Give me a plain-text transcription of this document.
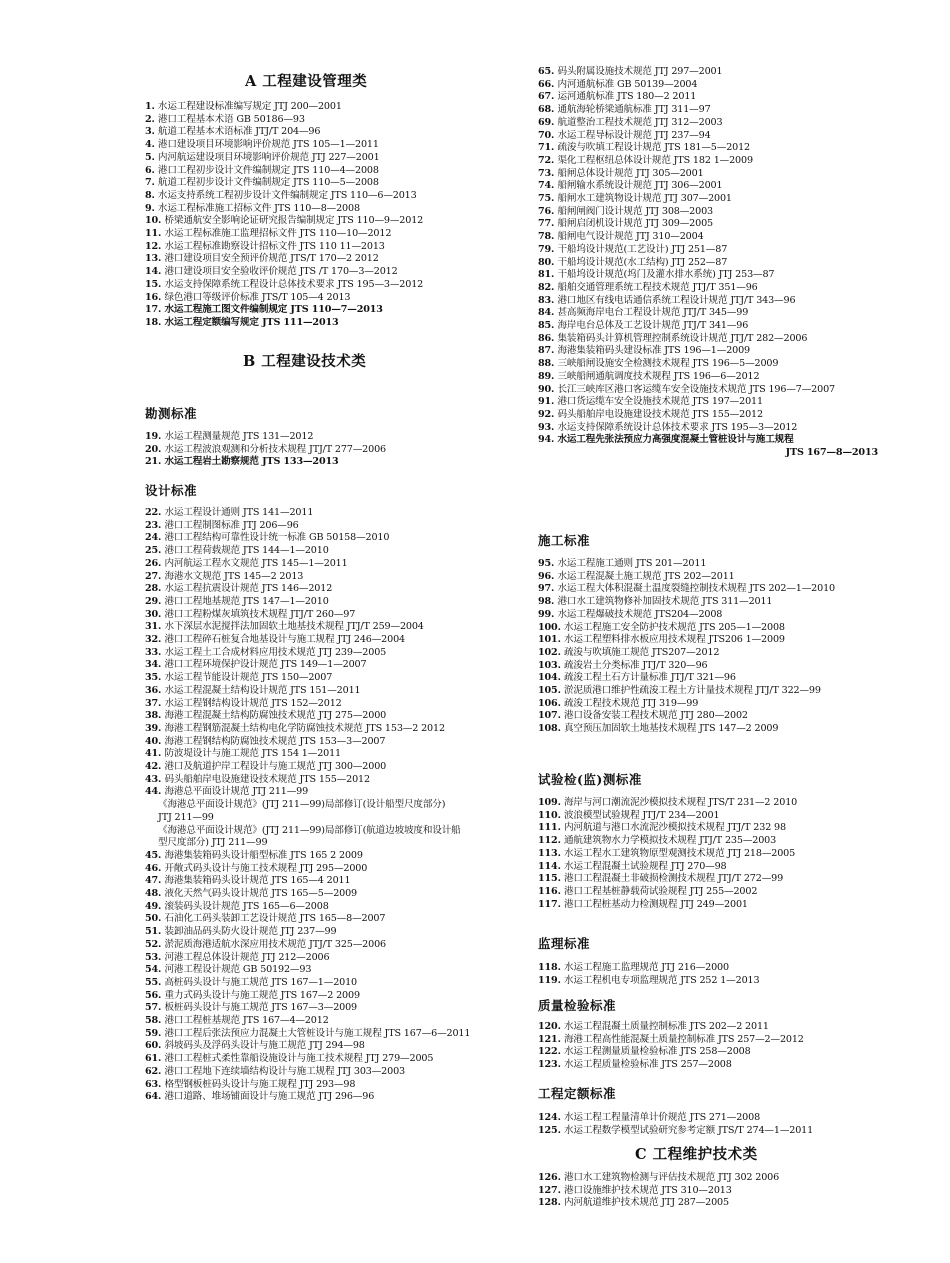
A 工程建设管理类
1. 水运工程建设标准编写规定 JTJ 200—2001
2. 港口工程基本术语 GB 50186—93
3. 航道工程基本术语标准 JTJ/T 204—96
4. 港口建设项目环境影响评价规范 JTS 105—1—2011
5. 内河航运建设项目环境影响评价规范 JTJ 227—2001
6. 港口工程初步设计文件编制规定 JTS 110—4—2008
7. 航道工程初步设计文件编制规定 JTS 110—5—2008
8. 水运支持系统工程初步设计文件编制规定 JTS 110—6—2013
9. 水运工程标准施工招标文件 JTS 110—8—2008
10. 桥梁通航安全影响论证研究报告编制规定 JTS 110—9—2012
11. 水运工程标准施工监理招标文件 JTS 110—10—2012
12. 水运工程标准勘察设计招标文件 JTS 110 11—2013
13. 港口建设项目安全预评价规范 JTS/T 170—2 2012
14. 港口建设项目安全验收评价规范 JTS /T 170—3—2012
15. 水运支持保障系统工程设计总体技术要求 JTS 195—3—2012
16. 绿色港口等级评价标准 JTS/T 105—4 2013
17. 水运工程施工图文件编制规定 JTS 110—7—2013
18. 水运工程定额编写规定 JTS 111—2013
B 工程建设技术类
勘测标准
19. 水运工程测量规范 JTS 131—2012
20. 水运工程波浪观测和分析技术规程 JTJ/T 277—2006
21. 水运工程岩土勘察规范 JTS 133—2013
设计标准
22. 水运工程设计通则 JTS 141—2011
23. 港口工程制图标准 JTJ 206—96
24. 港口工程结构可靠性设计统一标准 GB 50158—2010
25. 港口工程荷载规范 JTS 144—1—2010
26. 内河航运工程水文规范 JTS 145—1—2011
27. 海港水文规范 JTS 145—2 2013
28. 水运工程抗震设计规范 JTS 146—2012
29. 港口工程地基规范 JTS 147—1—2010
30. 港口工程粉煤灰填筑技术规程 JTJ/T 260—97
31. 水下深层水泥搅拌法加固软土地基技术规程 JTJ/T 259—2004
32. 港口工程碎石桩复合地基设计与施工规程 JTJ 246—2004
33. 水运工程土工合成材料应用技术规范 JTJ 239—2005
34. 港口工程环境保护设计规范 JTS 149—1—2007
35. 水运工程节能设计规范 JTS 150—2007
36. 水运工程混凝土结构设计规范 JTS 151—2011
37. 水运工程钢结构设计规范 JTS 152—2012
38. 海港工程混凝土结构防腐蚀技术规范 JTJ 275—2000
39. 海港工程钢筋混凝土结构电化学防腐蚀技术规范 JTS 153—2 2012
40. 海港工程钢结构防腐蚀技术规范 JTS 153—3—2007
41. 防波堤设计与施工规范 JTS 154 1—2011
42. 港口及航道护岸工程设计与施工规范 JTJ 300—2000
43. 码头船舶岸电设施建设技术规范 JTS 155—2012
44. 海港总平面设计规范 JTJ 211—99
《海港总平面设计规范》(JTJ 211—99)局部修订(设计船型尺度部分)
JTJ 211—99
《海港总平面设计规范》(JTJ 211—99)局部修订(航道边坡坡度和设计船
型尺度部分) JTJ 211—99
45. 海港集装箱码头设计船型标准 JTS 165 2 2009
46. 开敞式码头设计与施工技术规程 JTJ 295—2000
47. 海港集装箱码头设计规范 JTS 165—4 2011
48. 液化天然气码头设计规范 JTS 165—5—2009
49. 滚装码头设计规范 JTS 165—6—2008
50. 石油化工码头装卸工艺设计规范 JTS 165—8—2007
51. 装卸油品码头防火设计规范 JTJ 237—99
52. 淤泥质海港适航水深应用技术规范 JTJ/T 325—2006
53. 河港工程总体设计规范 JTJ 212—2006
54. 河港工程设计规范 GB 50192—93
55. 高桩码头设计与施工规范 JTS 167—1—2010
56. 重力式码头设计与施工规范 JTS 167—2 2009
57. 板桩码头设计与施工规范 JTS 167—3—2009
58. 港口工程桩基规范 JTS 167—4—2012
59. 港口工程后张法预应力混凝土大管桩设计与施工规程 JTS 167—6—2011
60. 斜坡码头及浮码头设计与施工规范 JTJ 294—98
61. 港口工程桩式柔性靠船设施设计与施工技术规程 JTJ 279—2005
62. 港口工程地下连续墙结构设计与施工规程 JTJ 303—2003
63. 格型钢板桩码头设计与施工规程 JTJ 293—98
64. 港口道路、堆场铺面设计与施工规范 JTJ 296—96
65. 码头附属设施技术规范 JTJ 297—2001
66. 内河通航标准 GB 50139—2004
67. 运河通航标准 JTS 180—2 2011
68. 通航海轮桥梁通航标准 JTJ 311—97
69. 航道整治工程技术规范 JTJ 312—2003
70. 水运工程导标设计规范 JTJ 237—94
71. 疏浚与吹填工程设计规范 JTS 181—5—2012
72. 渠化工程枢纽总体设计规范 JTS 182 1—2009
73. 船闸总体设计规范 JTJ 305—2001
74. 船闸输水系统设计规范 JTJ 306—2001
75. 船闸水工建筑物设计规范 JTJ 307—2001
76. 船闸闸阀门设计规范 JTJ 308—2003
77. 船闸启闭机设计规范 JTJ 309—2005
78. 船闸电气设计规范 JTJ 310—2004
79. 干船坞设计规范(工艺设计) JTJ 251—87
80. 干船坞设计规范(水工结构) JTJ 252—87
81. 干船坞设计规范(坞门及灌水排水系统) JTJ 253—87
82. 船舶交通管理系统工程技术规范 JTJ/T 351—96
83. 港口地区有线电话通信系统工程设计规范 JTJ/T 343—96
84. 甚高频海岸电台工程设计规范 JTJ/T 345—99
85. 海岸电台总体及工艺设计规范 JTJ/T 341—96
86. 集装箱码头计算机管理控制系统设计规范 JTJ/T 282—2006
87. 海港集装箱码头建设标准 JTS 196—1—2009
88. 三峡船闸设施安全检测技术规程 JTS 196—5—2009
89. 三峡船闸通航调度技术规程 JTS 196—6—2012
90. 长江三峡库区港口客运缆车安全设施技术规范 JTS 196—7—2007
91. 港口货运缆车安全设施技术规范 JTS 197—2011
92. 码头船舶岸电设施建设技术规范 JTS 155—2012
93. 水运支持保障系统设计总体技术要求 JTS 195—3—2012
94. 水运工程先张法预应力高强度混凝土管桩设计与施工规程
JTS 167—8—2013
施工标准
95. 水运工程施工通则 JTS 201—2011
96. 水运工程混凝土施工规范 JTS 202—2011
97. 水运工程大体积混凝土温度裂缝控制技术规程 JTS 202—1—2010
98. 港口水工建筑物修补加固技术规范 JTS 311—2011
99. 水运工程爆破技术规范 JTS204—2008
100. 水运工程施工安全防护技术规范 JTS 205—1—2008
101. 水运工程塑料排水板应用技术规程 JTS206 1—2009
102. 疏浚与吹填施工规范 JTS207—2012
103. 疏浚岩土分类标准 JTJ/T 320—96
104. 疏浚工程土石方计量标准 JTJ/T 321—96
105. 淤泥质港口维护性疏浚工程土方计量技术规程 JTJ/T 322—99
106. 疏浚工程技术规范 JTJ 319—99
107. 港口设备安装工程技术规范 JTJ 280—2002
108. 真空预压加固软土地基技术规程 JTS 147—2 2009
试验检(监)测标准
109. 海岸与河口潮流泥沙模拟技术规程 JTS/T 231—2 2010
110. 波浪模型试验规程 JTJ/T 234—2001
111. 内河航道与港口水流泥沙模拟技术规程 JTJ/T 232 98
112. 通航建筑物水力学模拟技术规程 JTJ/T 235—2003
113. 水运工程水工建筑物原型观测技术规范 JTJ 218—2005
114. 水运工程混凝土试验规程 JTJ 270—98
115. 港口工程混凝土非破损检测技术规程 JTJ/T 272—99
116. 港口工程基桩静载荷试验规程 JTJ 255—2002
117. 港口工程桩基动力检测规程 JTJ 249—2001
监理标准
118. 水运工程施工监理规范 JTJ 216—2000
119. 水运工程机电专项监理规范 JTS 252 1—2013
质量检验标准
120. 水运工程混凝土质量控制标准 JTS 202—2 2011
121. 海港工程高性能混凝土质量控制标准 JTS 257—2—2012
122. 水运工程测量质量检验标准 JTS 258—2008
123. 水运工程质量检验标准 JTS 257—2008
工程定额标准
124. 水运工程工程量清单计价规范 JTS 271—2008
125. 水运工程数学模型试验研究参考定额 JTS/T 274—1—2011
C 工程维护技术类
126. 港口水工建筑物检测与评估技术规范 JTJ 302 2006
127. 港口设施维护技术规范 JTS 310—2013
128. 内河航道维护技术规范 JTJ 287—2005
